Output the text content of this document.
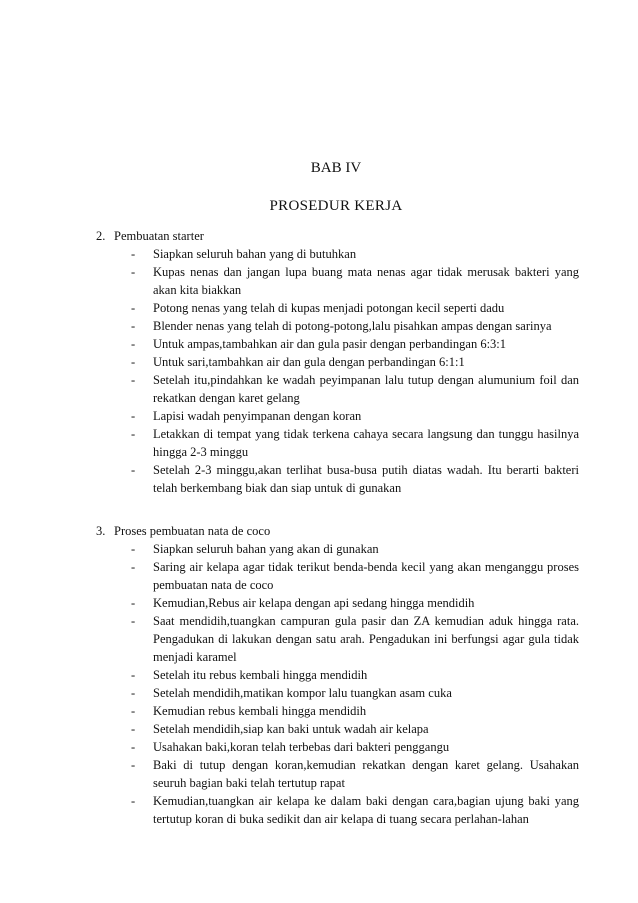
BAB IV
PROSEDUR KERJA
2. Pembuatan starter
- Siapkan seluruh bahan yang di butuhkan
- Kupas nenas dan jangan lupa buang mata nenas agar tidak merusak bakteri yang akan kita biakkan
- Potong nenas yang telah di kupas menjadi potongan kecil seperti dadu
- Blender nenas yang telah di potong-potong,lalu pisahkan ampas dengan sarinya
- Untuk ampas,tambahkan air dan gula pasir dengan perbandingan 6:3:1
- Untuk sari,tambahkan air dan gula dengan perbandingan 6:1:1
- Setelah itu,pindahkan ke wadah peyimpanan lalu tutup dengan alumunium foil dan rekatkan dengan karet gelang
- Lapisi wadah penyimpanan dengan koran
- Letakkan di tempat yang tidak terkena cahaya secara langsung dan tunggu hasilnya hingga 2-3 minggu
- Setelah 2-3 minggu,akan terlihat busa-busa putih diatas wadah. Itu berarti bakteri telah berkembang biak dan siap untuk di gunakan
3. Proses pembuatan nata de coco
- Siapkan seluruh bahan yang akan di gunakan
- Saring air kelapa agar tidak terikut benda-benda kecil yang akan menganggu proses pembuatan nata de coco
- Kemudian,Rebus air kelapa dengan api sedang hingga mendidih
- Saat mendidih,tuangkan campuran gula pasir dan ZA kemudian aduk hingga rata. Pengadukan di lakukan dengan satu arah. Pengadukan ini berfungsi agar gula tidak menjadi karamel
- Setelah itu rebus kembali hingga mendidih
- Setelah mendidih,matikan kompor lalu tuangkan asam cuka
- Kemudian rebus kembali hingga mendidih
- Setelah mendidih,siap kan baki untuk wadah air kelapa
- Usahakan baki,koran telah terbebas dari bakteri penggangu
- Baki di tutup dengan koran,kemudian rekatkan dengan karet gelang. Usahakan seuruh bagian baki telah tertutup rapat
- Kemudian,tuangkan air kelapa ke dalam baki dengan cara,bagian ujung baki yang tertutup koran di buka sedikit dan air kelapa di tuang secara perlahan-lahan
